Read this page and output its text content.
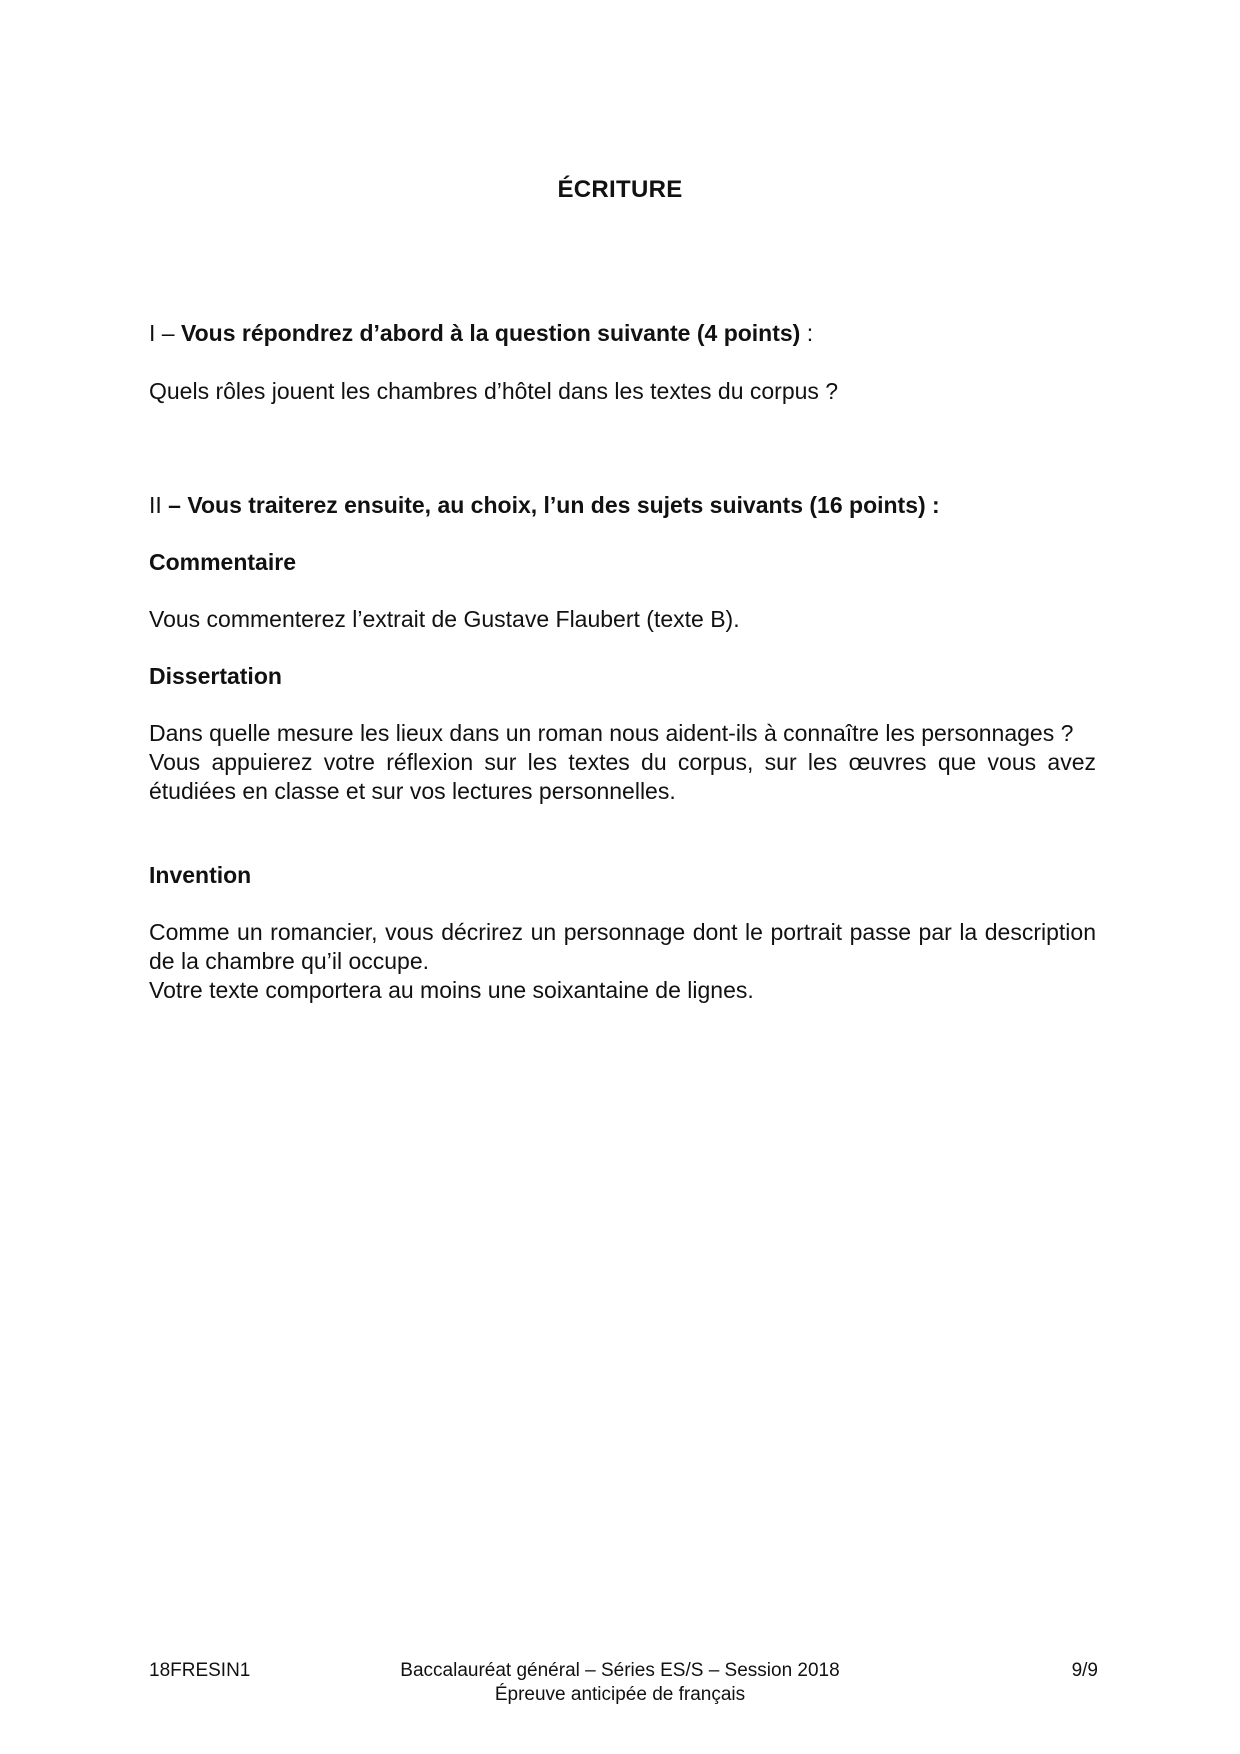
ÉCRITURE
I – Vous répondrez d’abord à la question suivante (4 points) :
Quels rôles jouent les chambres d’hôtel dans les textes du corpus ?
II – Vous traiterez ensuite, au choix, l’un des sujets suivants (16 points) :
Commentaire
Vous commenterez l’extrait de Gustave Flaubert (texte B).
Dissertation
Dans quelle mesure les lieux dans un roman nous aident-ils à connaître les personnages ?
Vous appuierez votre réflexion sur les textes du corpus, sur les œuvres que vous avez étudiées en classe et sur vos lectures personnelles.
Invention
Comme un romancier, vous décrirez un personnage dont le portrait passe par la description de la chambre qu’il occupe.
Votre texte comportera au moins une soixantaine de lignes.
18FRESIN1	Baccalauréat général – Séries ES/S – Session 2018
Épreuve anticipée de français
9/9
